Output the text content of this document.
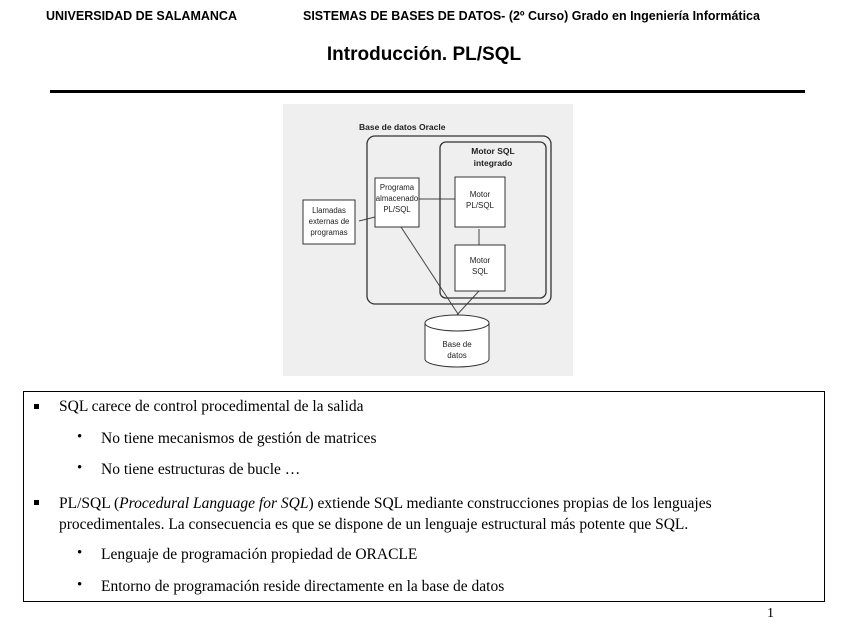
UNIVERSIDAD DE SALAMANCA	SISTEMAS DE BASES DE DATOS- (2º Curso) Grado en Ingeniería Informática
Introducción. PL/SQL
Base de datos Oracle
Motor SQL
integrado
Motor
PL/SQL
Motor
SQL
Programa
almacenado
PL/SQL
Llamadas
externas de
programas
Base de
datos
SQL carece de control procedimental de la salida
• No tiene mecanismos de gestión de matrices
• No tiene estructuras de bucle …
PL/SQL (Procedural Language for SQL) extiende SQL mediante construcciones propias de los lenguajes procedimentales. La consecuencia es que se dispone de un lenguaje estructural más potente que SQL.
• Lenguaje de programación propiedad de ORACLE
• Entorno de programación reside directamente en la base de datos
1
